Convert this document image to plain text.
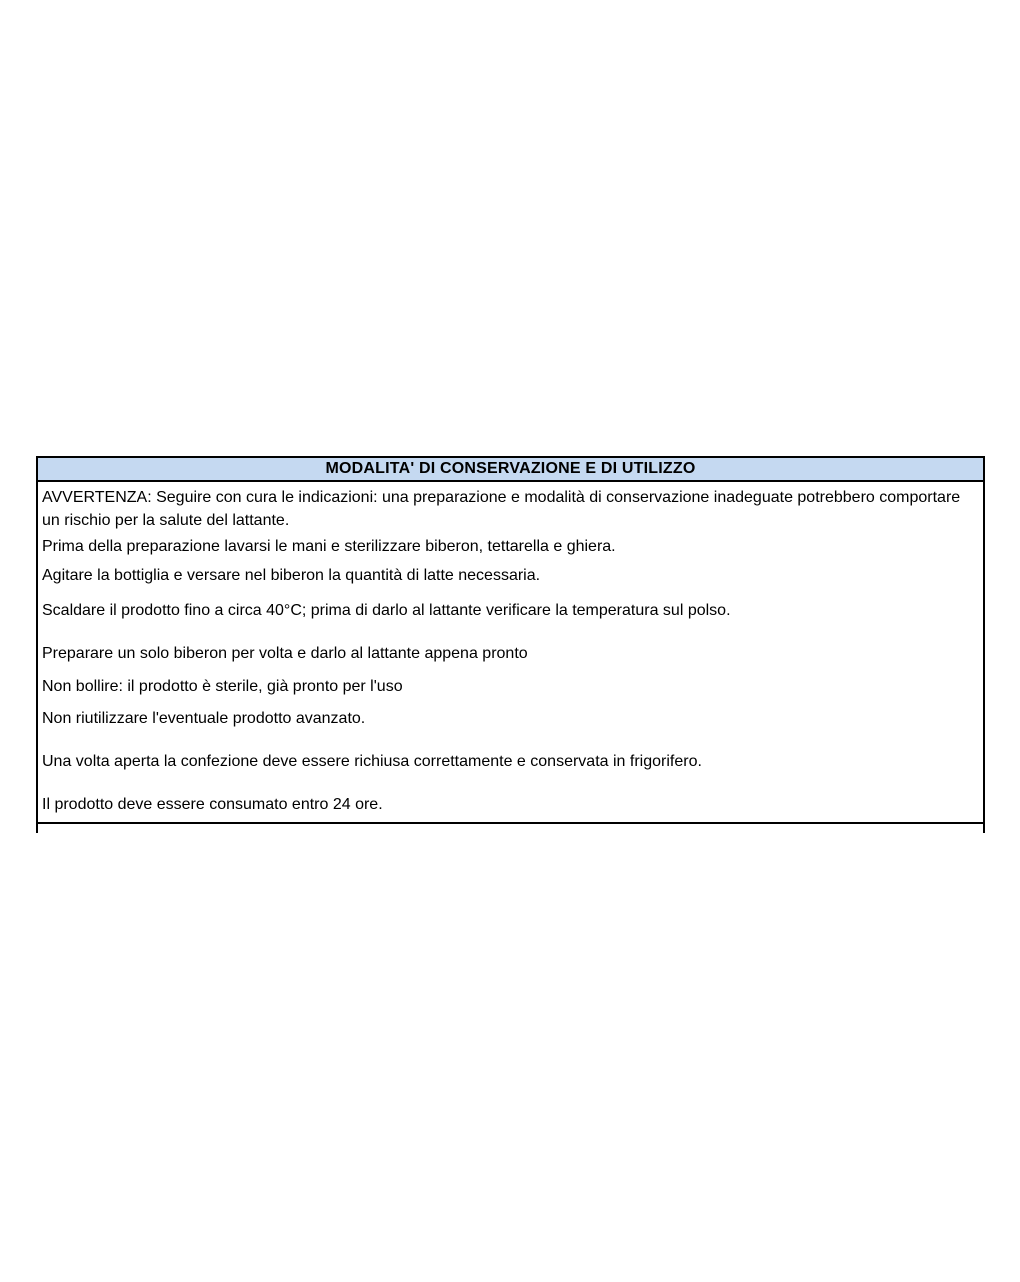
MODALITA' DI CONSERVAZIONE E DI UTILIZZO
AVVERTENZA: Seguire con cura le indicazioni: una preparazione e modalità di conservazione inadeguate potrebbero comportare un rischio per la salute del lattante.
Prima della preparazione lavarsi le mani e sterilizzare biberon, tettarella e ghiera.
Agitare la bottiglia e versare nel biberon la quantità di latte necessaria.
Scaldare il prodotto fino a circa 40°C; prima di darlo al lattante verificare la temperatura sul polso.
Preparare un solo biberon per volta e darlo al lattante appena pronto
Non bollire: il prodotto è sterile, già pronto per l'uso
Non riutilizzare l'eventuale prodotto avanzato.
Una volta aperta la confezione deve essere richiusa correttamente e conservata in frigorifero.
Il prodotto deve essere consumato entro 24 ore.
